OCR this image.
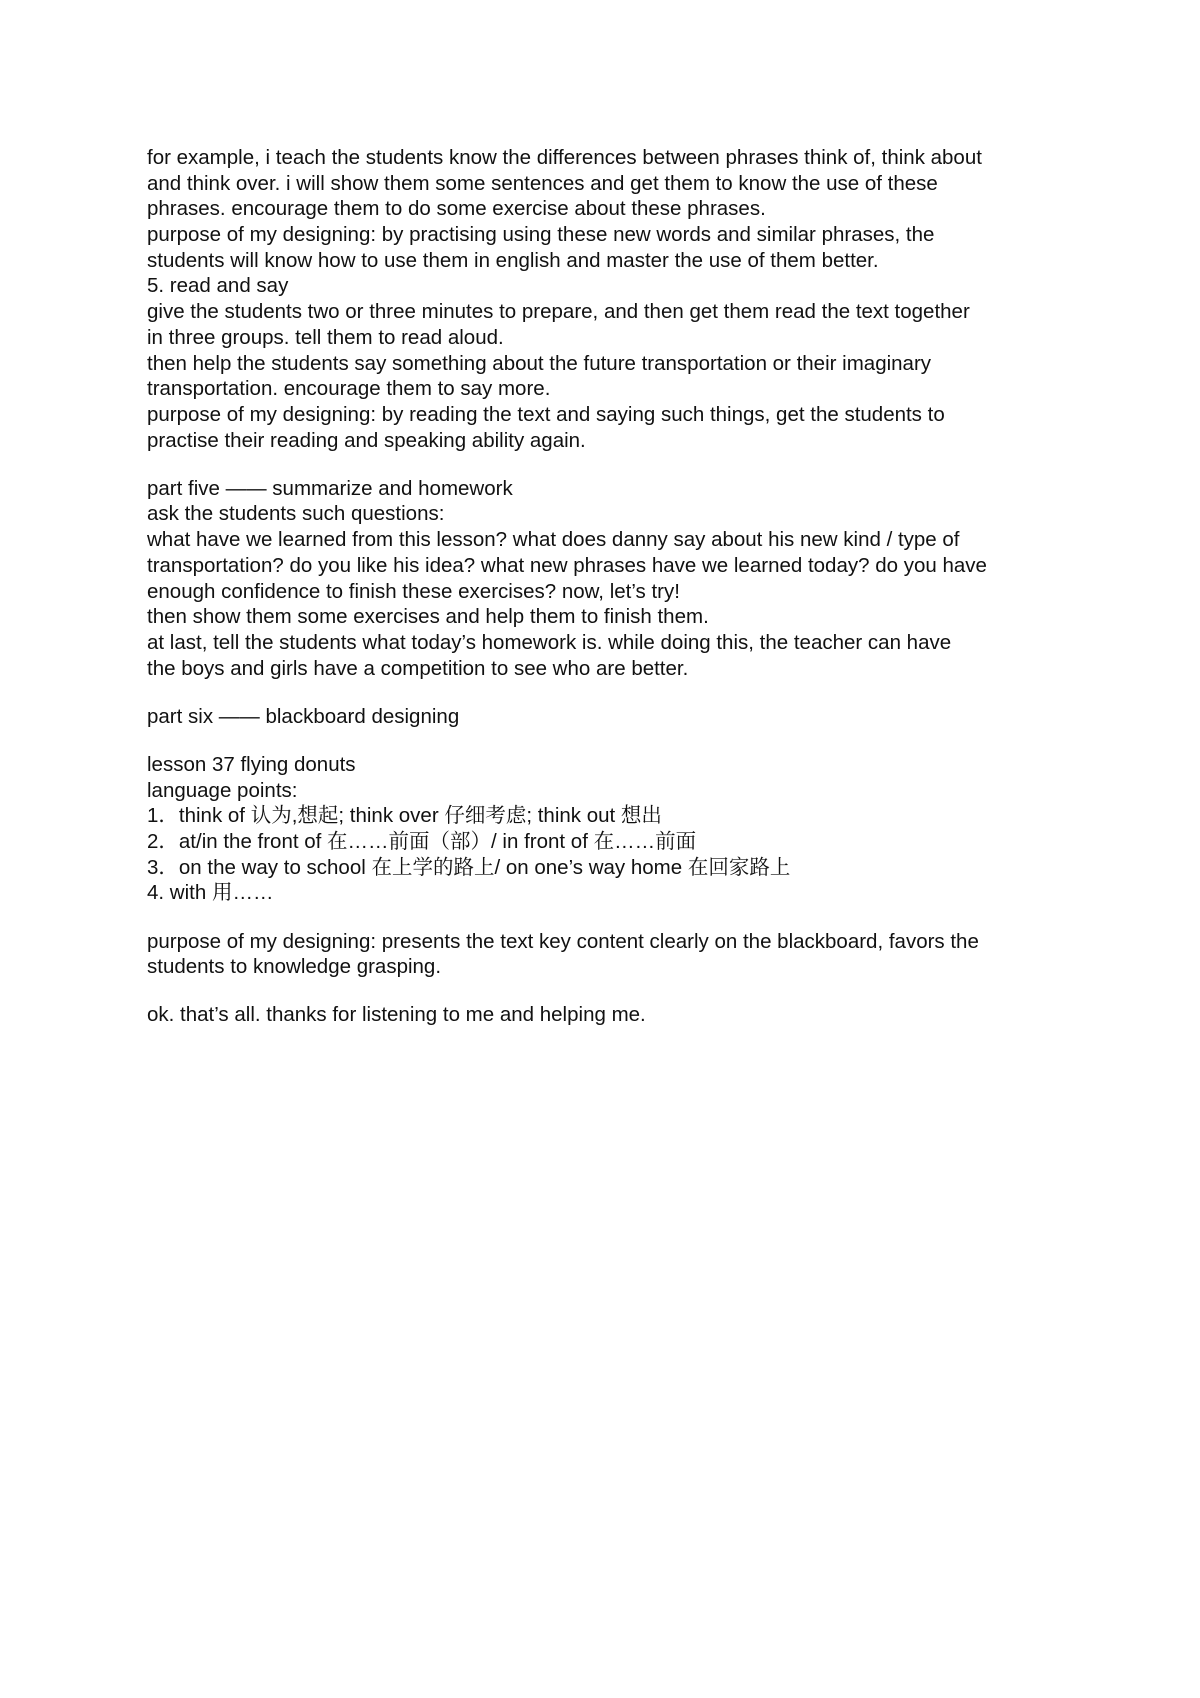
for example, i teach the students know the differences between phrases think of, think about
and think over. i will show them some sentences and get them to know the use of these
phrases. encourage them to do some exercise about these phrases.
purpose of my designing: by practising using these new words and similar phrases, the
students will know how to use them in english and master the use of them better.
5. read and say
give the students two or three minutes to prepare, and then get them read the text together
in three groups. tell them to read aloud.
then help the students say something about the future transportation or their imaginary
transportation. encourage them to say more.
purpose of my designing: by reading the text and saying such things, get the students to
practise their reading and speaking ability again.
part five —— summarize and homework
ask the students such questions:
what have we learned from this lesson? what does danny say about his new kind / type of
transportation? do you like his idea? what new phrases have we learned today? do you have
enough confidence to finish these exercises? now, let’s try!
then show them some exercises and help them to finish them.
at last, tell the students what today’s homework is. while doing this, the teacher can have
the boys and girls have a competition to see who are better.
part six —— blackboard designing
lesson 37 flying donuts
language points:
1．think of 认为,想起; think over 仔细考虑; think out 想出
2．at/in the front of 在……前面（部）/ in front of 在……前面
3．on the way to school 在上学的路上/ on one’s way home 在回家路上
4. with 用……
purpose of my designing: presents the text key content clearly on the blackboard, favors the
students to knowledge grasping.
ok. that’s all. thanks for listening to me and helping me.
